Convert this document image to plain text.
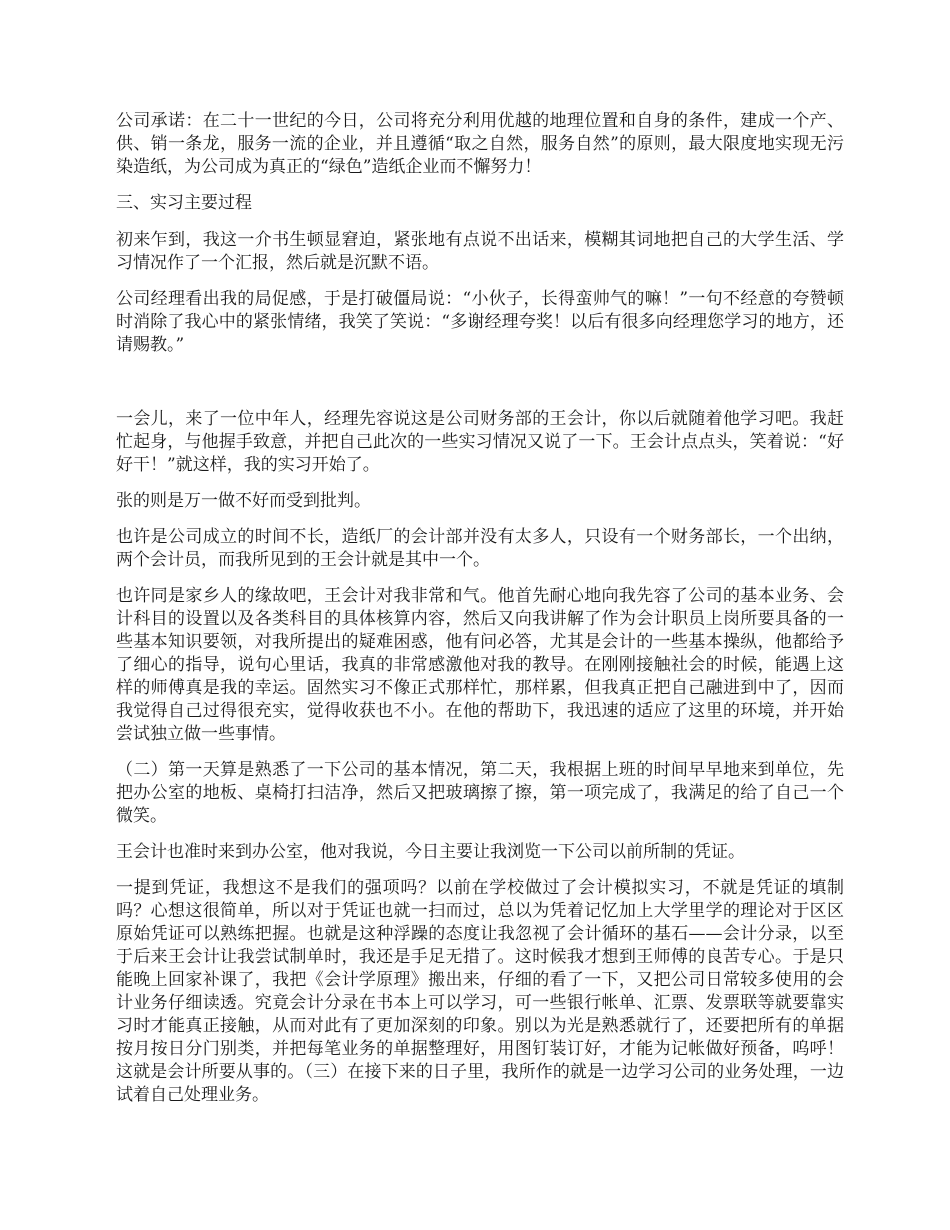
公司承诺：在二十一世纪的今日，公司将充分利用优越的地理位置和自身的条件，建成一个产、供、销一条龙，服务一流的企业，并且遵循“取之自然，服务自然”的原则，最大限度地实现无污染造纸，为公司成为真正的“绿色”造纸企业而不懈努力！

三、实习主要过程

初来乍到，我这一介书生顿显窘迫，紧张地有点说不出话来，模糊其词地把自己的大学生活、学习情况作了一个汇报，然后就是沉默不语。

公司经理看出我的局促感，于是打破僵局说：“小伙子，长得蛮帅气的嘛！”一句不经意的夸赞顿时消除了我心中的紧张情绪，我笑了笑说：“多谢经理夸奖！以后有很多向经理您学习的地方，还请赐教。”

一会儿，来了一位中年人，经理先容说这是公司财务部的王会计，你以后就随着他学习吧。我赶忙起身，与他握手致意，并把自己此次的一些实习情况又说了一下。王会计点点头，笑着说：“好好干！”就这样，我的实习开始了。

张的则是万一做不好而受到批判。

也许是公司成立的时间不长，造纸厂的会计部并没有太多人，只设有一个财务部长，一个出纳，两个会计员，而我所见到的王会计就是其中一个。

也许同是家乡人的缘故吧，王会计对我非常和气。他首先耐心地向我先容了公司的基本业务、会计科目的设置以及各类科目的具体核算内容，然后又向我讲解了作为会计职员上岗所要具备的一些基本知识要领，对我所提出的疑难困惑，他有问必答，尤其是会计的一些基本操纵，他都给予了细心的指导，说句心里话，我真的非常感激他对我的教导。在刚刚接触社会的时候，能遇上这样的师傅真是我的幸运。固然实习不像正式那样忙，那样累，但我真正把自己融进到中了，因而我觉得自己过得很充实，觉得收获也不小。在他的帮助下，我迅速的适应了这里的环境，并开始尝试独立做一些事情。

（二）第一天算是熟悉了一下公司的基本情况，第二天，我根据上班的时间早早地来到单位，先把办公室的地板、桌椅打扫洁净，然后又把玻璃擦了擦，第一项完成了，我满足的给了自己一个微笑。

王会计也准时来到办公室，他对我说，今日主要让我浏览一下公司以前所制的凭证。

一提到凭证，我想这不是我们的强项吗？以前在学校做过了会计模拟实习，不就是凭证的填制吗？心想这很简单，所以对于凭证也就一扫而过，总以为凭着记忆加上大学里学的理论对于区区原始凭证可以熟练把握。也就是这种浮躁的态度让我忽视了会计循环的基石——会计分录，以至于后来王会计让我尝试制单时，我还是手足无措了。这时候我才想到王师傅的良苦专心。于是只能晚上回家补课了，我把《会计学原理》搬出来，仔细的看了一下，又把公司日常较多使用的会计业务仔细读透。究竟会计分录在书本上可以学习，可一些银行帐单、汇票、发票联等就要靠实习时才能真正接触，从而对此有了更加深刻的印象。别以为光是熟悉就行了，还要把所有的单据按月按日分门别类，并把每笔业务的单据整理好，用图钉装订好，才能为记帐做好预备，呜呼！这就是会计所要从事的。（三）在接下来的日子里，我所作的就是一边学习公司的业务处理，一边试着自己处理业务。
